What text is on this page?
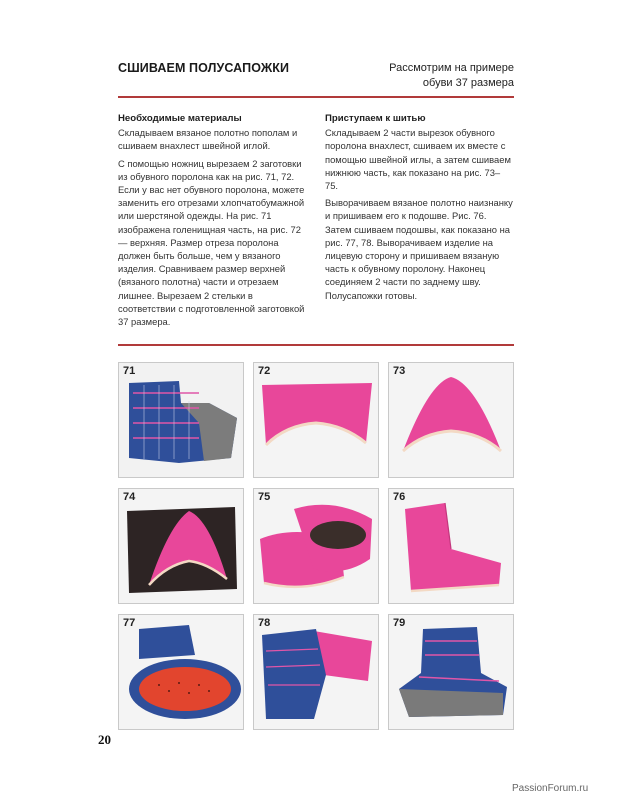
СШИВАЕМ ПОЛУСАПОЖКИ	Рассмотрим на примере
обуви 37 размера
Необходимые материалы

Складываем вязаное полотно пополам и сшиваем внахлест швейной иглой.

С помощью ножниц вырезаем 2 заготовки из обувного поролона как на рис. 71, 72. Если у вас нет обувного поролона, можете заменить его отрезами хлопчатобумажной или шерстяной одежды. На рис. 71 изображена голенищная часть, на рис. 72 — верхняя. Размер отреза поролона должен быть больше, чем у вязаного изделия. Сравниваем размер верхней (вязаного полотна) части и отрезаем лишнее. Вырезаем 2 стельки в соответствии с подготовленной заготовкой 37 размера.

Приступаем к шитью

Складываем 2 части вырезок обувного поролона внахлест, сшиваем их вместе с помощью швейной иглы, а затем сшиваем нижнюю часть, как показано на рис. 73–75.

Выворачиваем вязаное полотно наизнанку и пришиваем его к подошве. Рис. 76. Затем сшиваем подошвы, как показано на рис. 77, 78. Выворачиваем изделие на лицевую сторону и пришиваем вязаную часть к обувному поролону. Наконец соединяем 2 части по заднему шву. Полусапожки готовы.

71	72	73
74	75	76
77	78	79
20
PassionForum.ru
